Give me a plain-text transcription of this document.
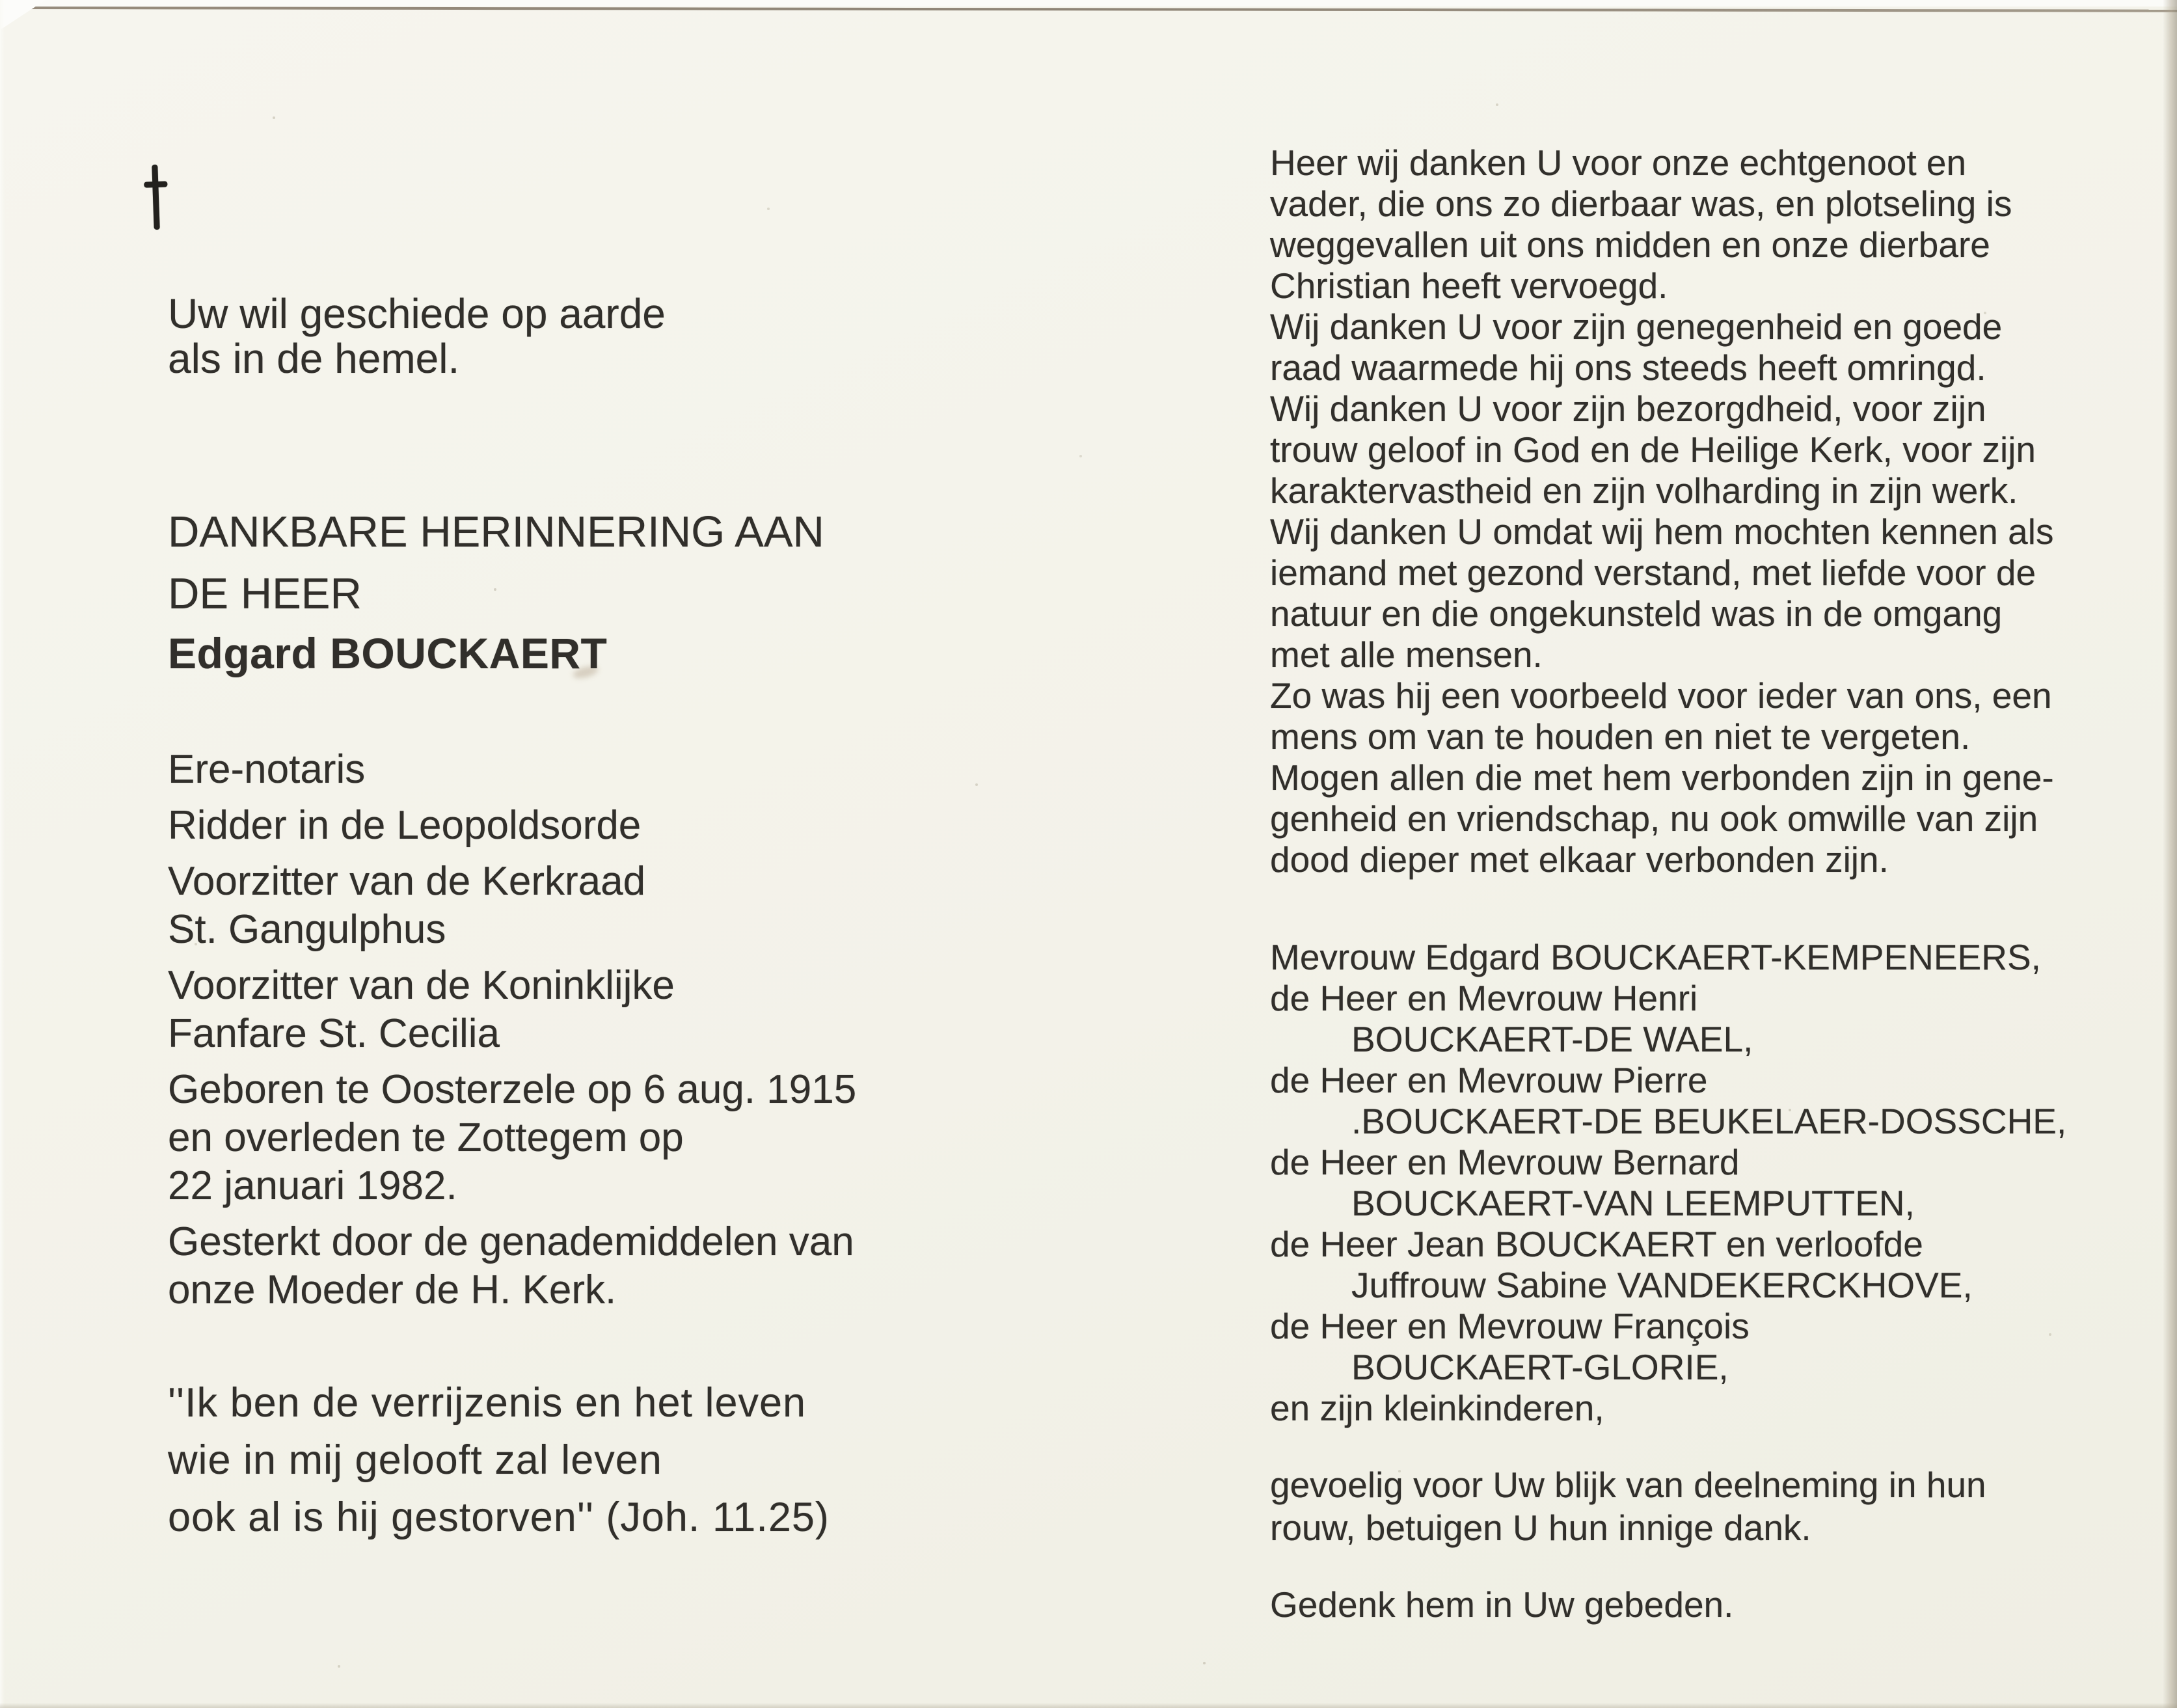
Uw wil geschiede op aarde
als in de hemel.
DANKBARE HERINNERING AAN
DE HEER
Edgard BOUCKAERT
Ere-notaris
Ridder in de Leopoldsorde
Voorzitter van de Kerkraad
St. Gangulphus
Voorzitter van de Koninklijke
Fanfare St. Cecilia
Geboren te Oosterzele op 6 aug. 1915
en overleden te Zottegem op
22 januari 1982.
Gesterkt door de genademiddelen van
onze Moeder de H. Kerk.
''Ik ben de verrijzenis en het leven
wie in mij gelooft zal leven
ook al is hij gestorven'' (Joh. 11.25)
Heer wij danken U voor onze echtgenoot en
vader, die ons zo dierbaar was, en plotseling is
weggevallen uit ons midden en onze dierbare
Christian heeft vervoegd.
Wij danken U voor zijn genegenheid en goede
raad waarmede hij ons steeds heeft omringd.
Wij danken U voor zijn bezorgdheid, voor zijn
trouw geloof in God en de Heilige Kerk, voor zijn
karaktervastheid en zijn volharding in zijn werk.
Wij danken U omdat wij hem mochten kennen als
iemand met gezond verstand, met liefde voor de
natuur en die ongekunsteld was in de omgang
met alle mensen.
Zo was hij een voorbeeld voor ieder van ons, een
mens om van te houden en niet te vergeten.
Mogen allen die met hem verbonden zijn in gene-
genheid en vriendschap, nu ook omwille van zijn
dood dieper met elkaar verbonden zijn.
Mevrouw Edgard BOUCKAERT-KEMPENEERS,
de Heer en Mevrouw Henri
BOUCKAERT-DE WAEL,
de Heer en Mevrouw Pierre
.BOUCKAERT-DE BEUKELAER-DOSSCHE,
de Heer en Mevrouw Bernard
BOUCKAERT-VAN LEEMPUTTEN,
de Heer Jean BOUCKAERT en verloofde
Juffrouw Sabine VANDEKERCKHOVE,
de Heer en Mevrouw François
BOUCKAERT-GLORIE,
en zijn kleinkinderen,
gevoelig voor Uw blijk van deelneming in hun
rouw, betuigen U hun innige dank.
Gedenk hem in Uw gebeden.
